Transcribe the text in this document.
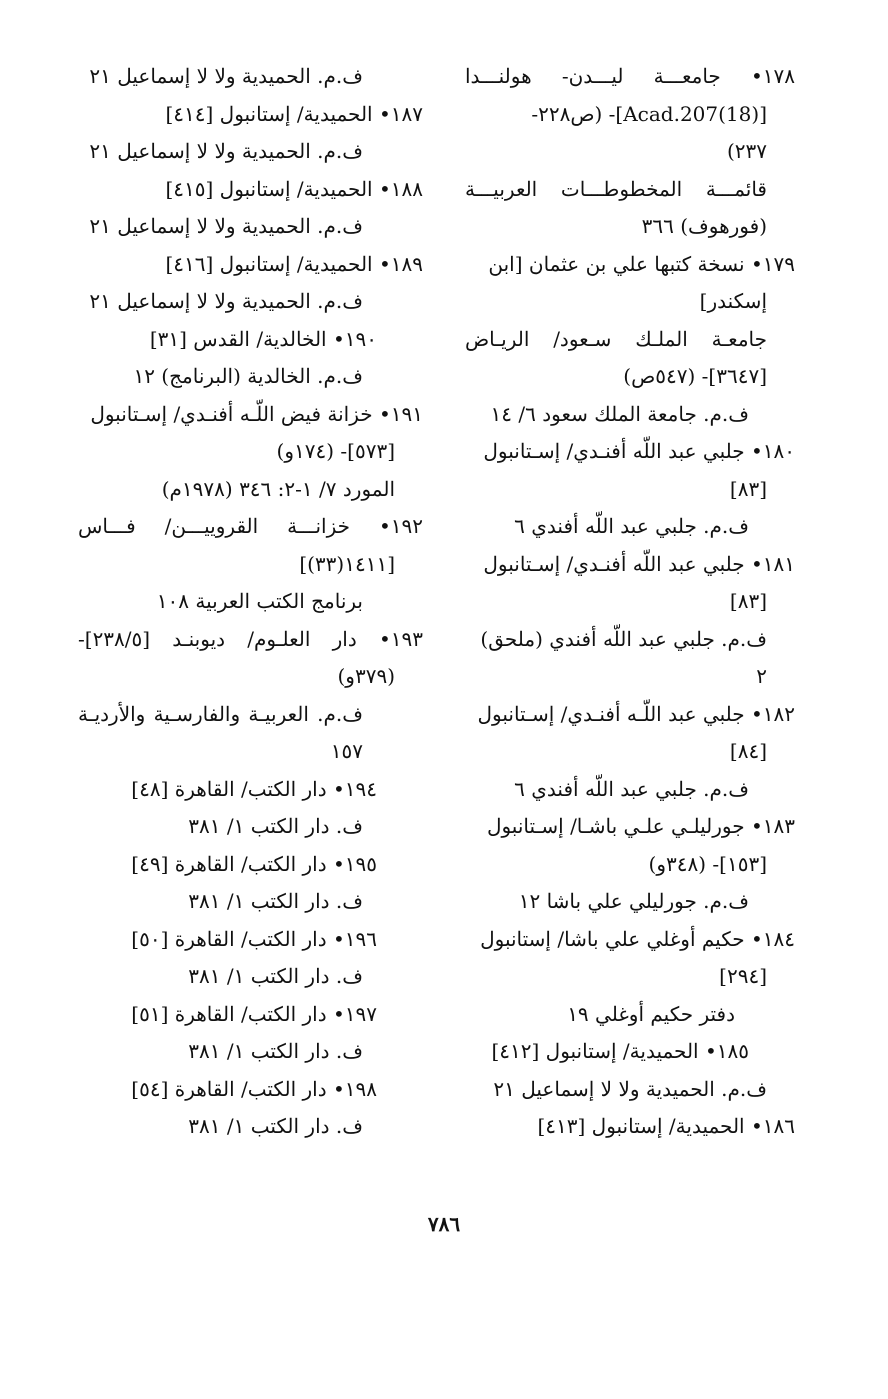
١٧٨• جامعـــة ليـــدن- هولنـــدا
[Acad.207(18)]- (ص٢٢٨-
٢٣٧)
قائمـــة المخطوطـــات العربيـــة
(فورهوف) ٣٦٦
١٧٩• نسخة كتبها علي بن عثمان [ابن
إسكندر]
جامعـة الملـك سـعود/ الريـاض
[٣٦٤٧]- (٥٤٧ص)
ف.م. جامعة الملك سعود ٦/ ١٤
١٨٠• جلبي عبد اللّه أفنـدي/ إسـتانبول
[٨٣]
ف.م. جلبي عبد اللّه أفندي ٦
١٨١• جلبي عبد اللّه أفنـدي/ إسـتانبول
[٨٣]
ف.م. جلبي عبد اللّه أفندي (ملحق)
٢
١٨٢• جلبي عبد اللّـه أفنـدي/ إسـتانبول
[٨٤]
ف.م. جلبي عبد اللّه أفندي ٦
١٨٣• جورليلـي علـي باشـا/ إسـتانبول
[١٥٣]- (٣٤٨و)
ف.م. جورليلي علي باشا ١٢
١٨٤• حكيم أوغلي علي باشا/ إستانبول
[٢٩٤]
دفتر حكيم أوغلي ١٩
١٨٥• الحميدية/ إستانبول [٤١٢]
ف.م. الحميدية ولا لا إسماعيل ٢١
١٨٦• الحميدية/ إستانبول [٤١٣]
ف.م. الحميدية ولا لا إسماعيل ٢١
١٨٧• الحميدية/ إستانبول [٤١٤]
ف.م. الحميدية ولا لا إسماعيل ٢١
١٨٨• الحميدية/ إستانبول [٤١٥]
ف.م. الحميدية ولا لا إسماعيل ٢١
١٨٩• الحميدية/ إستانبول [٤١٦]
ف.م. الحميدية ولا لا إسماعيل ٢١
١٩٠• الخالدية/ القدس [٣١]
ف.م. الخالدية (البرنامج) ١٢
١٩١• خزانة فيض اللّـه أفنـدي/ إسـتانبول
[٥٧٣]- (١٧٤و)
المورد ٧/ ١-٢: ٣٤٦ (١٩٧٨م)
١٩٢• خزانـــة القروييـــن/ فـــاس
[١٤١١(٣٣)]
برنامج الكتب العربية ١٠٨
١٩٣• دار العلـوم/ ديوبنـد [٢٣٨/٥]-
(٣٧٩و)
ف.م. العربيـة والفارسـية والأرديـة
١٥٧
١٩٤• دار الكتب/ القاهرة [٤٨]
ف. دار الكتب ١/ ٣٨١
١٩٥• دار الكتب/ القاهرة [٤٩]
ف. دار الكتب ١/ ٣٨١
١٩٦• دار الكتب/ القاهرة [٥٠]
ف. دار الكتب ١/ ٣٨١
١٩٧• دار الكتب/ القاهرة [٥١]
ف. دار الكتب ١/ ٣٨١
١٩٨• دار الكتب/ القاهرة [٥٤]
ف. دار الكتب ١/ ٣٨١
٧٨٦
